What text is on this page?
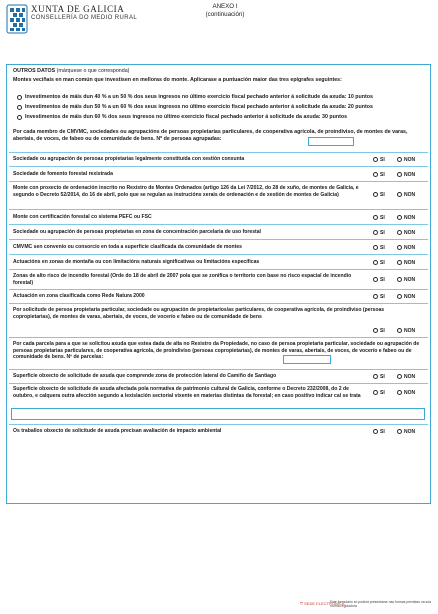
XUNTA DE GALICIA
CONSELLERÍA DO MEDIO RURAL
ANEXO I
(continuación)
OUTROS DATOS (márquese o que corresponda)
Montes veciñais en man común que investisen en melloras do monte. Aplicarase a puntuación maior das tres epígrafes seguintes:
Investimentos de máis dun 40 % a un 50 % dos seus ingresos no último exercicio fiscal pechado anterior á solicitude da axuda: 10 puntos
Investimentos de máis dun 50 % a un 60 % dos seus ingresos no último exercicio fiscal pechado anterior á solicitude da axuda: 20 puntos
Investimentos de máis dun 60 % dos seus ingresos no último exercicio fiscal pechado anterior á solicitude da axuda: 30 puntos
Por cada membro de CMVMC, sociedades ou agrupacións de persoas propietarias particulares, de cooperativa agrícola, de proindiviso, de montes de varas, abertais, de voces, de fabeo ou de comunidade de bens. Nº de persoas agrupadas:
Sociedade ou agrupación de persoas propietarias legalmente constituída con xestión conxunta	SI	NON
Sociedade de fomento forestal rexistrada	SI	NON
Monte con proxecto de ordenación inscrito no Rexistro de Montes Ordenados (artigo 126 da Lei 7/2012, do 28 de xuño, de montes de Galicia, e segundo o Decreto 52/2014, do 16 de abril, polo que se regulan as instrucións xerais de ordenación e de xestión de montes de Galicia)	SI	NON
Monte con certificación forestal co sistema PEFC ou FSC	SI	NON
Sociedade ou agrupación de persoas propietarias en zona de concentración parcelaria de uso forestal	SI	NON
CMVMC sen convenio ou consorcio en toda a superficie clasificada da comunidade de montes	SI	NON
Actuacións en zonas de montaña ou con limitacións naturais significativas ou limitacións específicas	SI	NON
Zonas de alto risco de incendio forestal (Orde do 18 de abril de 2007 pola que se zonifica o territorio con base no risco espacial de incendio forestal)	SI	NON
Actuación en zona clasificada como Rede Natura 2000	SI	NON
Por solicitude de persoa propietaria particular, sociedade ou agrupación de propietarios/as particulares, de cooperativa agrícola, de proindiviso (persoas copropietarias), de montes de varas, abertais, de voces, de vocerío e fabeo ou de comunidade de bens
SI	NON
Por cada parcela para a que se solicitou axuda que estea dada de alta no Rexistro da Propiedade, no caso de persoa propietaria particular, sociedade ou agrupación de persoas propietarias particulares, de cooperativa agrícola, de proindiviso (persoas copropietarias), de montes de varas, abertais, de voces, de vocerío e fabeo ou de comunidade de bens. Nº de parcelas:
Superficie obxecto de solicitude de axuda que comprende zona de protección lateral do Camiño de Santiago	SI	NON
Superficie obxecto de solicitude de axuda afectada pola normativa de patrimonio cultural de Galicia, conforme o Decreto 232/2008, do 2 de outubro, e calquera outra afección segundo a lexislación sectorial vixente en materias distintas da forestal; en caso positivo indicar cal se trata	SI	NON
Os traballos obxecto de solicitude de axuda precisan avaliación de impacto ambiental	SI	NON
⛉ SEDE ELECTRÓNICA
Este formulario só poderá presentarse nas formas previstas na súa norma reguladora
